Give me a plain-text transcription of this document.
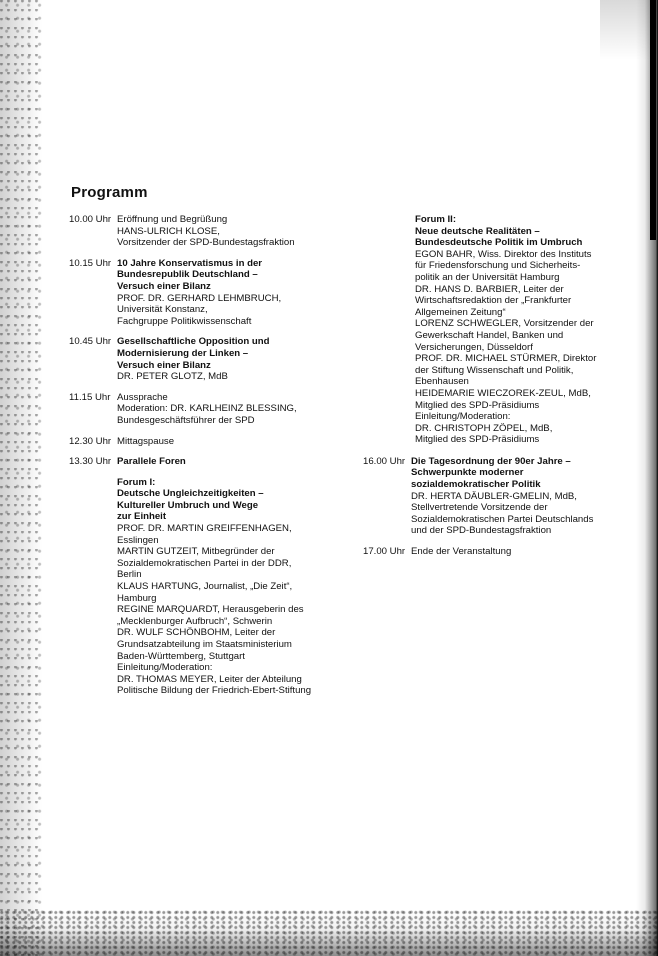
Programm
10.00 Uhr Eröffnung und Begrüßung
HANS-ULRICH KLOSE,
Vorsitzender der SPD-Bundestagsfraktion
10.15 Uhr 10 Jahre Konservatismus in der
Bundesrepublik Deutschland –
Versuch einer Bilanz
PROF. DR. GERHARD LEHMBRUCH,
Universität Konstanz,
Fachgruppe Politikwissenschaft
10.45 Uhr Gesellschaftliche Opposition und
Modernisierung der Linken –
Versuch einer Bilanz
DR. PETER GLOTZ, MdB
11.15 Uhr Aussprache
Moderation: DR. KARLHEINZ BLESSING,
Bundesgeschäftsführer der SPD
12.30 Uhr Mittagspause
13.30 Uhr Parallele Foren
Forum I:
Deutsche Ungleichzeitigkeiten –
Kultureller Umbruch und Wege
zur Einheit
PROF. DR. MARTIN GREIFFENHAGEN,
Esslingen
MARTIN GUTZEIT, Mitbegründer der
Sozialdemokratischen Partei in der DDR,
Berlin
KLAUS HARTUNG, Journalist, „Die Zeit“,
Hamburg
REGINE MARQUARDT, Herausgeberin des
„Mecklenburger Aufbruch“, Schwerin
DR. WULF SCHÖNBOHM, Leiter der
Grundsatzabteilung im Staatsministerium
Baden-Württemberg, Stuttgart
Einleitung/Moderation:
DR. THOMAS MEYER, Leiter der Abteilung
Politische Bildung der Friedrich-Ebert-Stiftung
Forum II:
Neue deutsche Realitäten –
Bundesdeutsche Politik im Umbruch
EGON BAHR, Wiss. Direktor des Instituts
für Friedensforschung und Sicherheits-
politik an der Universität Hamburg
DR. HANS D. BARBIER, Leiter der
Wirtschaftsredaktion der „Frankfurter
Allgemeinen Zeitung“
LORENZ SCHWEGLER, Vorsitzender der
Gewerkschaft Handel, Banken und
Versicherungen, Düsseldorf
PROF. DR. MICHAEL STÜRMER, Direktor
der Stiftung Wissenschaft und Politik,
Ebenhausen
HEIDEMARIE WIECZOREK-ZEUL, MdB,
Mitglied des SPD-Präsidiums
Einleitung/Moderation:
DR. CHRISTOPH ZÖPEL, MdB,
Mitglied des SPD-Präsidiums
16.00 Uhr Die Tagesordnung der 90er Jahre –
Schwerpunkte moderner
sozialdemokratischer Politik
DR. HERTA DÄUBLER-GMELIN, MdB,
Stellvertretende Vorsitzende der
Sozialdemokratischen Partei Deutschlands
und der SPD-Bundestagsfraktion
17.00 Uhr Ende der Veranstaltung
